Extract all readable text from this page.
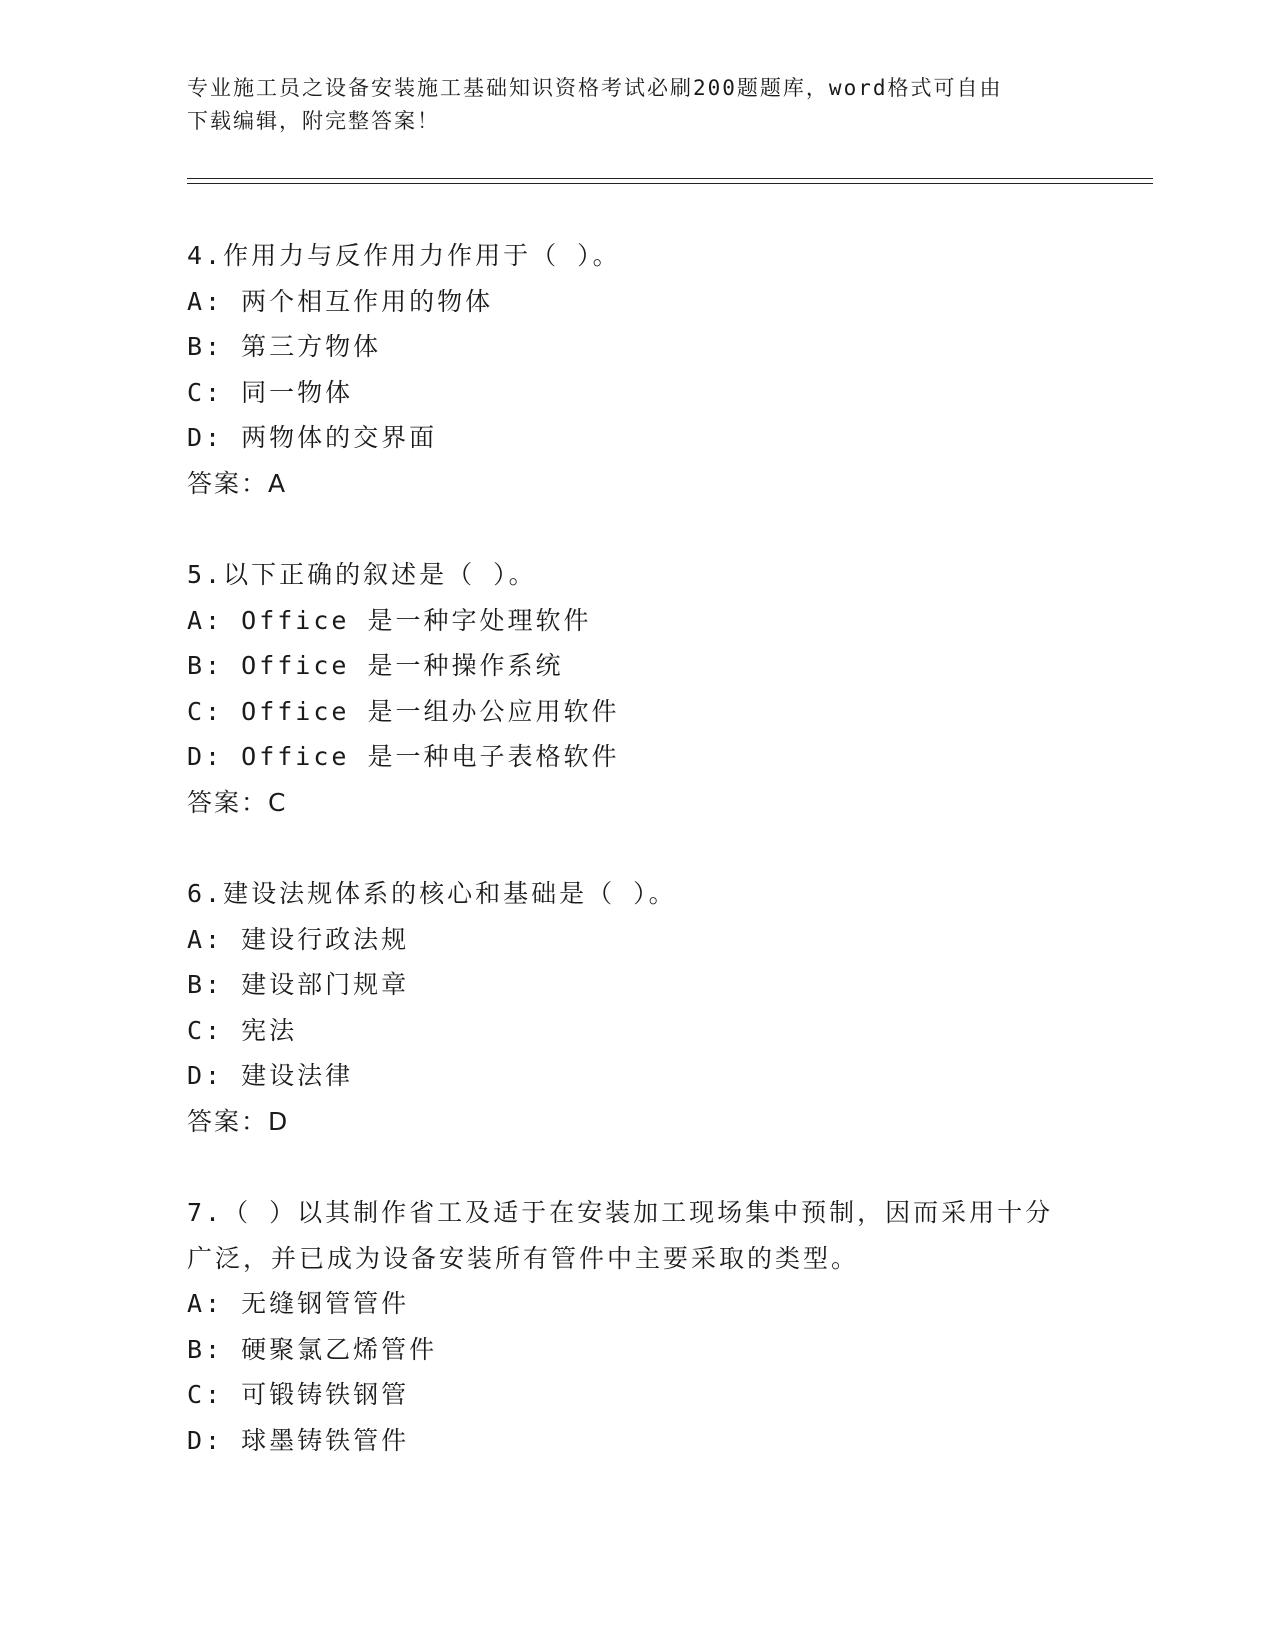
专业施工员之设备安装施工基础知识资格考试必刷200题题库，word格式可自由
下载编辑，附完整答案！
4.作用力与反作用力作用于（ ）。
A: 两个相互作用的物体
B: 第三方物体
C: 同一物体
D: 两物体的交界面
答案：A
5.以下正确的叙述是（ ）。
A: Office 是一种字处理软件
B: Office 是一种操作系统
C: Office 是一组办公应用软件
D: Office 是一种电子表格软件
答案：C
6.建设法规体系的核心和基础是（ ）。
A: 建设行政法规
B: 建设部门规章
C: 宪法
D: 建设法律
答案：D
7.（ ）以其制作省工及适于在安装加工现场集中预制，因而采用十分
广泛，并已成为设备安装所有管件中主要采取的类型。
A: 无缝钢管管件
B: 硬聚氯乙烯管件
C: 可锻铸铁钢管
D: 球墨铸铁管件
